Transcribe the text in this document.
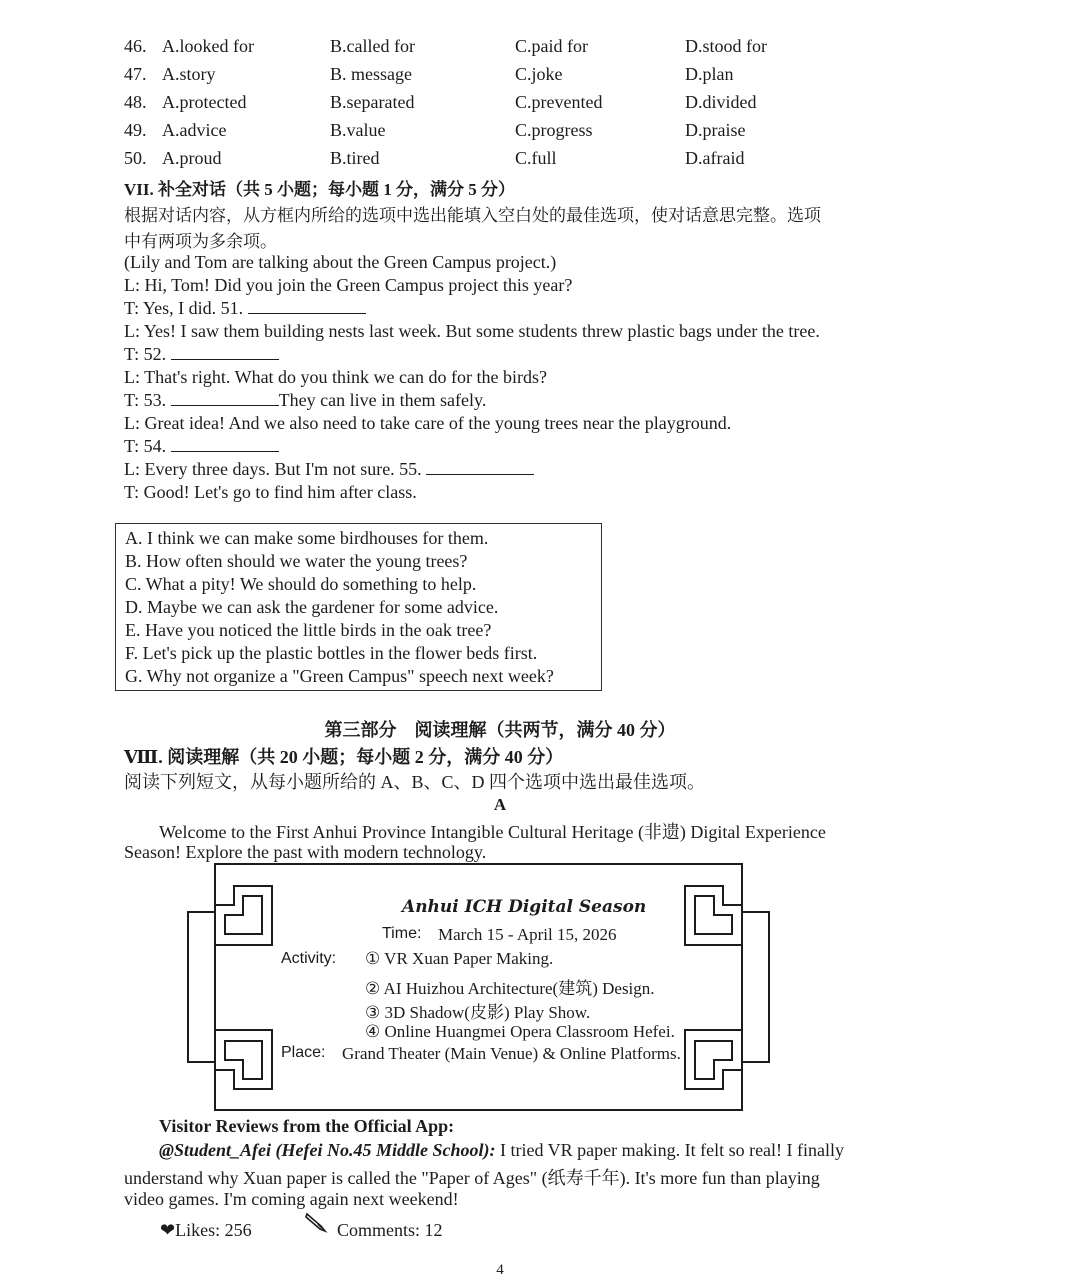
46. A.looked for	B.called for	C.paid for	D.stood for
47. A.story	B. message	C.joke	D.plan
48. A.protected	B.separated	C.prevented	D.divided
49. A.advice	B.value	C.progress	D.praise
50. A.proud	B.tired	C.full	D.afraid
VII. 补全对话（共 5 小题；每小题 1 分，满分 5 分）
根据对话内容，从方框内所给的选项中选出能填入空白处的最佳选项，使对话意思完整。选项
中有两项为多余项。
(Lily and Tom are talking about the Green Campus project.)
L: Hi, Tom! Did you join the Green Campus project this year?
T: Yes, I did. 51.
L: Yes! I saw them building nests last week. But some students threw plastic bags under the tree.
T: 52.
L: That's right. What do you think we can do for the birds?
T: 53.	They can live in them safely.
L: Great idea! And we also need to take care of the young trees near the playground.
T: 54.
L: Every three days. But I'm not sure. 55.
T: Good! Let's go to find him after class.
A. I think we can make some birdhouses for them.
B. How often should we water the young trees?
C. What a pity! We should do something to help.
D. Maybe we can ask the gardener for some advice.
E. Have you noticed the little birds in the oak tree?
F. Let's pick up the plastic bottles in the flower beds first.
G. Why not organize a "Green Campus" speech next week?
第三部分　阅读理解（共两节，满分 40 分）
Ⅷ. 阅读理解（共 20 小题；每小题 2 分，满分 40 分）
阅读下列短文，从每小题所给的 A、B、C、D 四个选项中选出最佳选项。
A
Welcome to the First Anhui Province Intangible Cultural Heritage (非遗) Digital Experience
Season! Explore the past with modern technology.
Anhui ICH Digital Season
Time: March 15 - April 15, 2026
Activity: ① VR Xuan Paper Making.
② AI Huizhou Architecture(建筑) Design.
③ 3D Shadow(皮影) Play Show.
④ Online Huangmei Opera Classroom Hefei.
Place: Grand Theater (Main Venue) & Online Platforms.
Visitor Reviews from the Official App:
@Student_Afei (Hefei No.45 Middle School): I tried VR paper making. It felt so real! I finally
understand why Xuan paper is called the "Paper of Ages" (纸寿千年). It's more fun than playing
video games. I'm coming again next weekend!
❤Likes: 256	Comments: 12
4
